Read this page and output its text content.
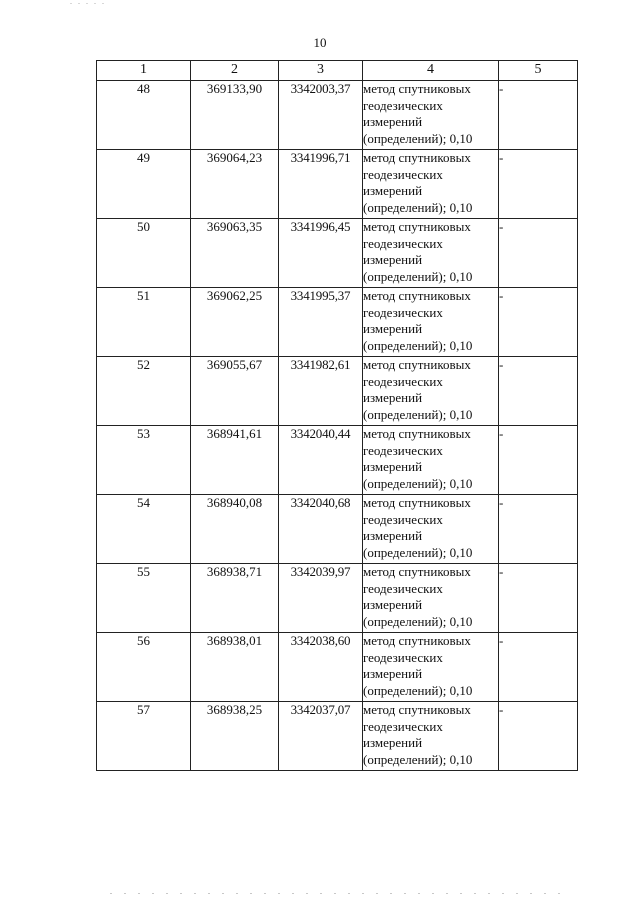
10
1	2	3	4	5
48	369133,90	3342003,37	метод спутниковых геодезических измерений (определений); 0,10	-
49	369064,23	3341996,71	метод спутниковых геодезических измерений (определений); 0,10	-
50	369063,35	3341996,45	метод спутниковых геодезических измерений (определений); 0,10	-
51	369062,25	3341995,37	метод спутниковых геодезических измерений (определений); 0,10	-
52	369055,67	3341982,61	метод спутниковых геодезических измерений (определений); 0,10	-
53	368941,61	3342040,44	метод спутниковых геодезических измерений (определений); 0,10	-
54	368940,08	3342040,68	метод спутниковых геодезических измерений (определений); 0,10	-
55	368938,71	3342039,97	метод спутниковых геодезических измерений (определений); 0,10	-
56	368938,01	3342038,60	метод спутниковых геодезических измерений (определений); 0,10	-
57	368938,25	3342037,07	метод спутниковых геодезических измерений (определений); 0,10	-
